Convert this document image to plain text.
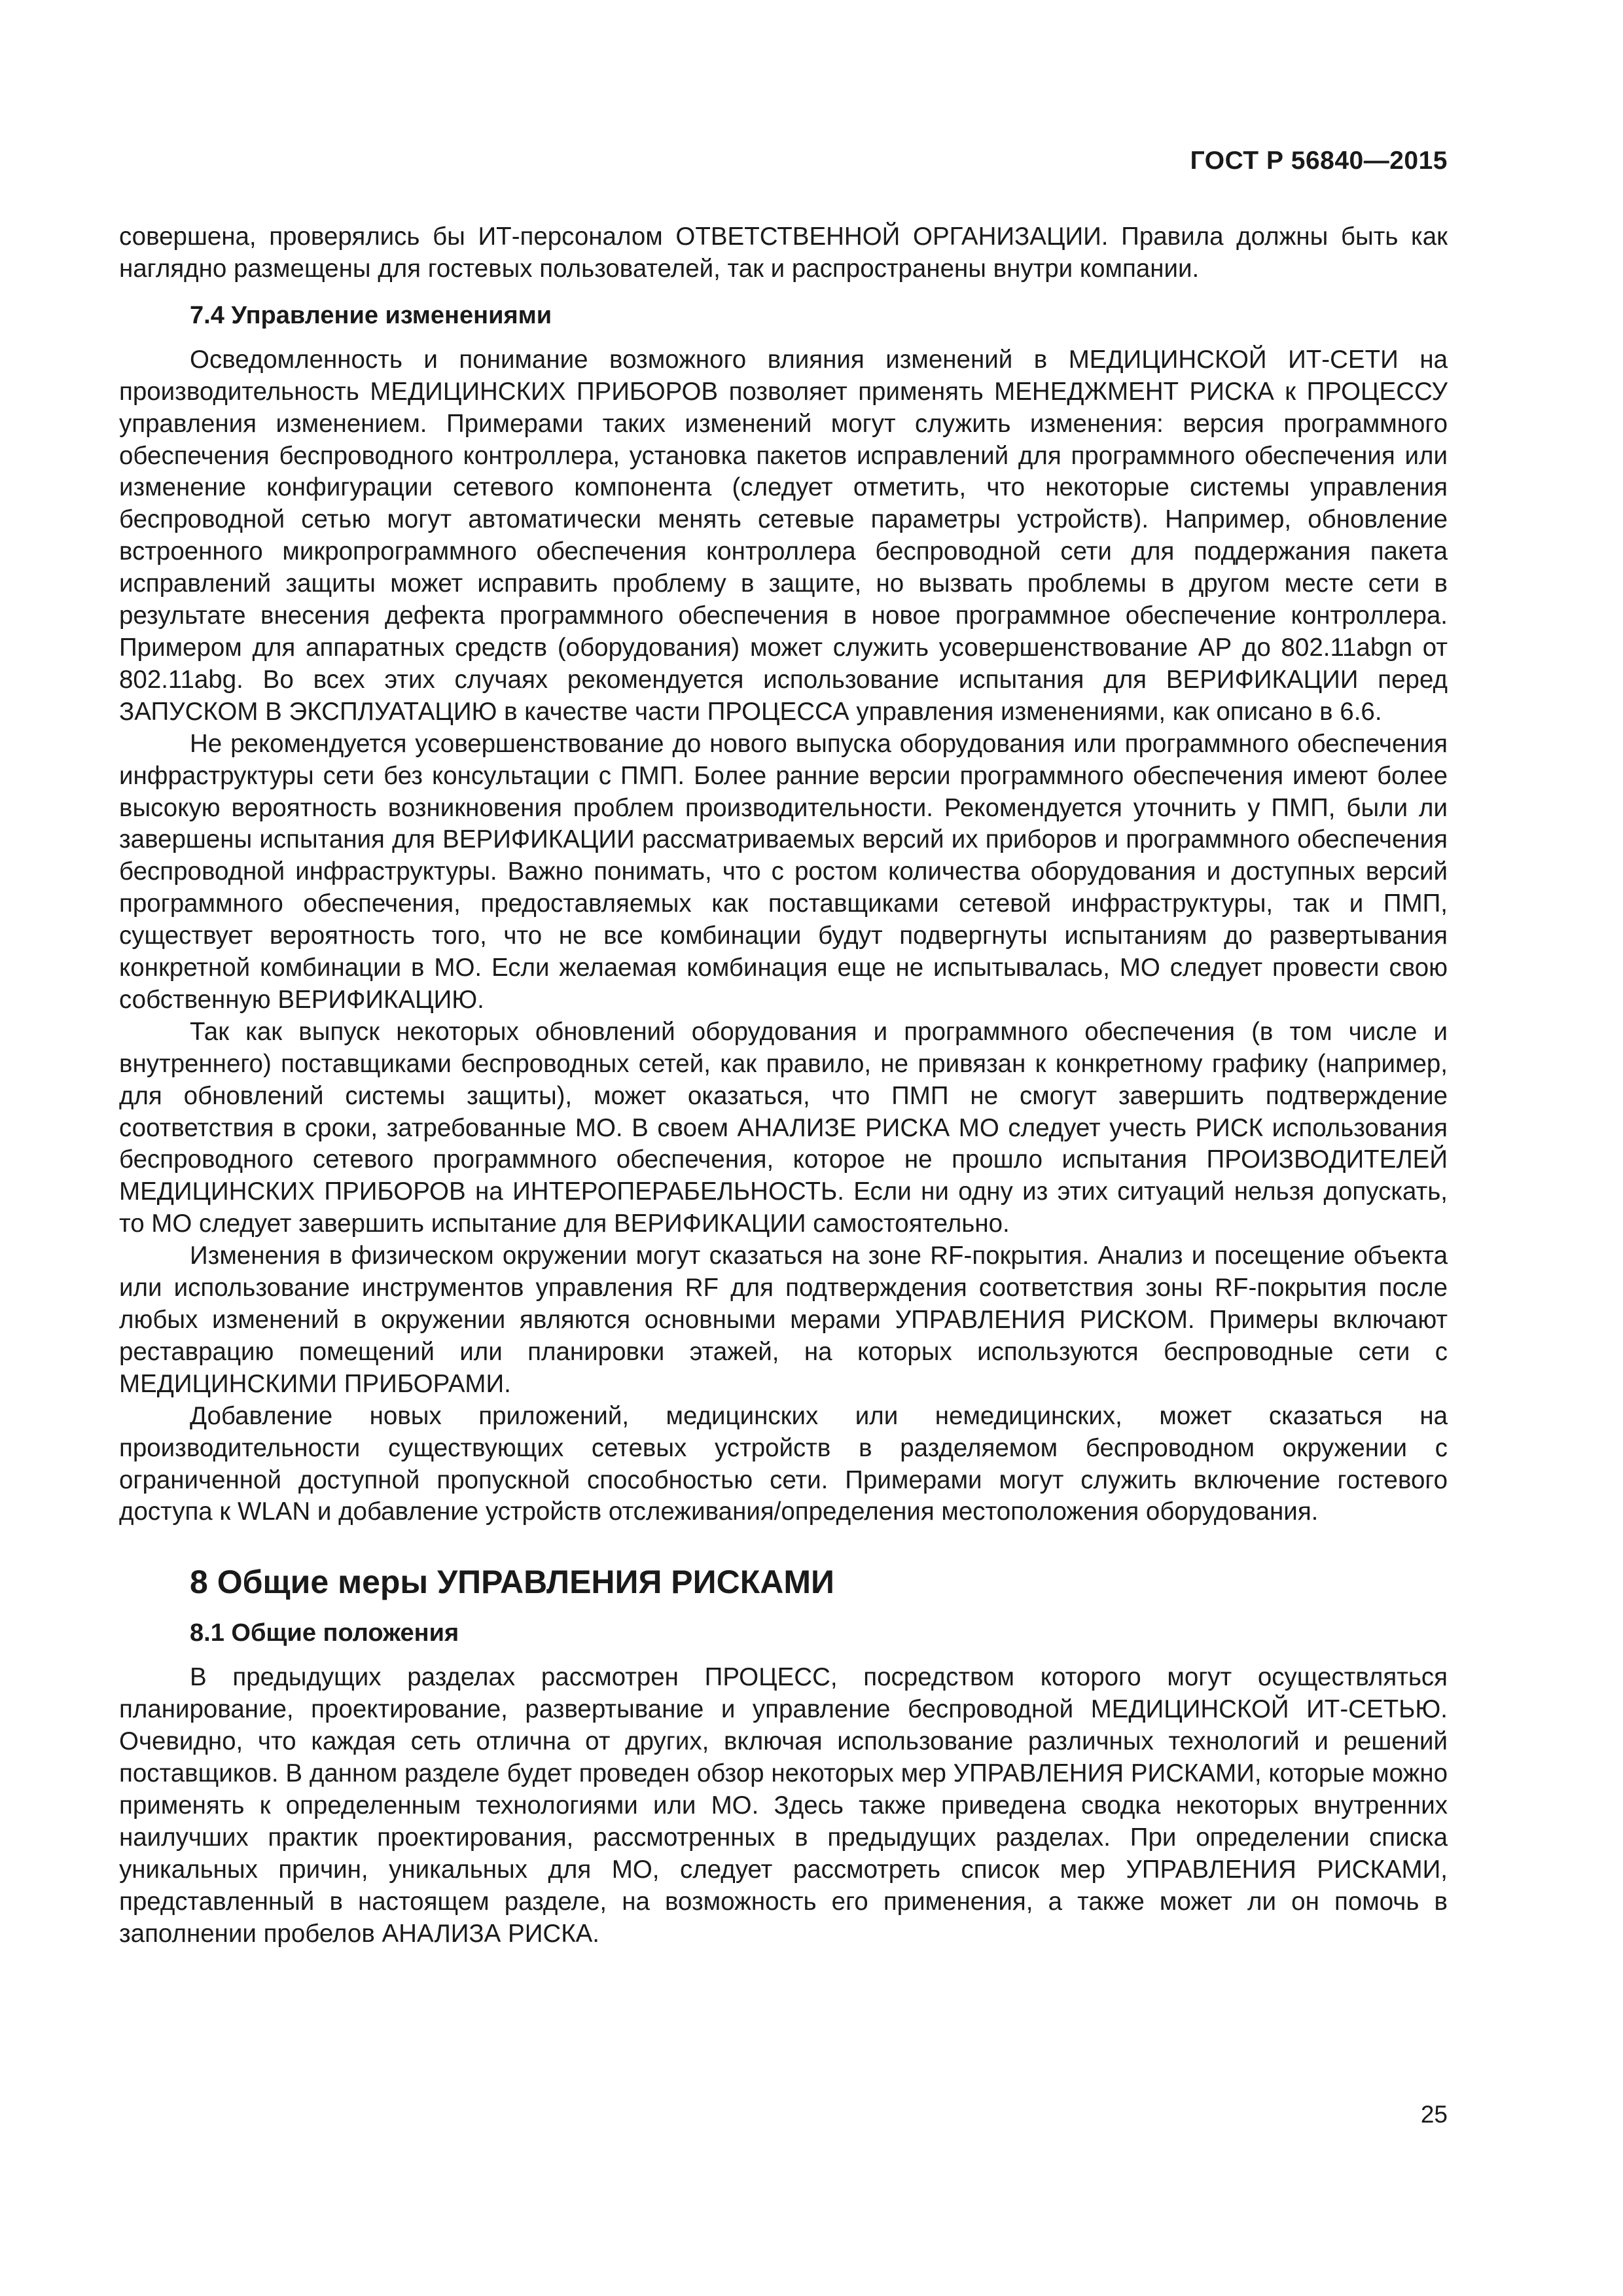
ГОСТ Р 56840—2015

совершена, проверялись бы ИТ-персоналом ОТВЕТСТВЕННОЙ ОРГАНИЗАЦИИ. Правила должны быть как наглядно размещены для гостевых пользователей, так и распространены внутри компании.

7.4 Управление изменениями

Осведомленность и понимание возможного влияния изменений в МЕДИЦИНСКОЙ ИТ-СЕТИ на производительность МЕДИЦИНСКИХ ПРИБОРОВ позволяет применять МЕНЕДЖМЕНТ РИСКА к ПРОЦЕССУ управления изменением. Примерами таких изменений могут служить изменения: версия программного обеспечения беспроводного контроллера, установка пакетов исправлений для программного обеспечения или изменение конфигурации сетевого компонента (следует отметить, что некоторые системы управления беспроводной сетью могут автоматически менять сетевые параметры устройств). Например, обновление встроенного микропрограммного обеспечения контроллера беспроводной сети для поддержания пакета исправлений защиты может исправить проблему в защите, но вызвать проблемы в другом месте сети в результате внесения дефекта программного обеспечения в новое программное обеспечение контроллера. Примером для аппаратных средств (оборудования) может служить усовершенствование АР до 802.11abgn от 802.11abg. Во всех этих случаях рекомендуется использование испытания для ВЕРИФИКАЦИИ перед ЗАПУСКОМ В ЭКСПЛУАТАЦИЮ в качестве части ПРОЦЕССА управления изменениями, как описано в 6.6.

Не рекомендуется усовершенствование до нового выпуска оборудования или программного обеспечения инфраструктуры сети без консультации с ПМП. Более ранние версии программного обеспечения имеют более высокую вероятность возникновения проблем производительности. Рекомендуется уточнить у ПМП, были ли завершены испытания для ВЕРИФИКАЦИИ рассматриваемых версий их приборов и программного обеспечения беспроводной инфраструктуры. Важно понимать, что с ростом количества оборудования и доступных версий программного обеспечения, предоставляемых как поставщиками сетевой инфраструктуры, так и ПМП, существует вероятность того, что не все комбинации будут подвергнуты испытаниям до развертывания конкретной комбинации в МО. Если желаемая комбинация еще не испытывалась, МО следует провести свою собственную ВЕРИФИКАЦИЮ.

Так как выпуск некоторых обновлений оборудования и программного обеспечения (в том числе и внутреннего) поставщиками беспроводных сетей, как правило, не привязан к конкретному графику (например, для обновлений системы защиты), может оказаться, что ПМП не смогут завершить подтверждение соответствия в сроки, затребованные МО. В своем АНАЛИЗЕ РИСКА МО следует учесть РИСК использования беспроводного сетевого программного обеспечения, которое не прошло испытания ПРОИЗВОДИТЕЛЕЙ МЕДИЦИНСКИХ ПРИБОРОВ на ИНТЕРОПЕРАБЕЛЬНОСТЬ. Если ни одну из этих ситуаций нельзя допускать, то МО следует завершить испытание для ВЕРИФИКАЦИИ самостоятельно.

Изменения в физическом окружении могут сказаться на зоне RF-покрытия. Анализ и посещение объекта или использование инструментов управления RF для подтверждения соответствия зоны RF-покрытия после любых изменений в окружении являются основными мерами УПРАВЛЕНИЯ РИСКОМ. Примеры включают реставрацию помещений или планировки этажей, на которых используются беспроводные сети с МЕДИЦИНСКИМИ ПРИБОРАМИ.

Добавление новых приложений, медицинских или немедицинских, может сказаться на производительности существующих сетевых устройств в разделяемом беспроводном окружении с ограниченной доступной пропускной способностью сети. Примерами могут служить включение гостевого доступа к WLAN и добавление устройств отслеживания/определения местоположения оборудования.

8 Общие меры УПРАВЛЕНИЯ РИСКАМИ
8.1 Общие положения

В предыдущих разделах рассмотрен ПРОЦЕСС, посредством которого могут осуществляться планирование, проектирование, развертывание и управление беспроводной МЕДИЦИНСКОЙ ИТ-СЕТЬЮ. Очевидно, что каждая сеть отлична от других, включая использование различных технологий и решений поставщиков. В данном разделе будет проведен обзор некоторых мер УПРАВЛЕНИЯ РИСКАМИ, которые можно применять к определенным технологиями или МО. Здесь также приведена сводка некоторых внутренних наилучших практик проектирования, рассмотренных в предыдущих разделах. При определении списка уникальных причин, уникальных для МО, следует рассмотреть список мер УПРАВЛЕНИЯ РИСКАМИ, представленный в настоящем разделе, на возможность его применения, а также может ли он помочь в заполнении пробелов АНАЛИЗА РИСКА.

25
